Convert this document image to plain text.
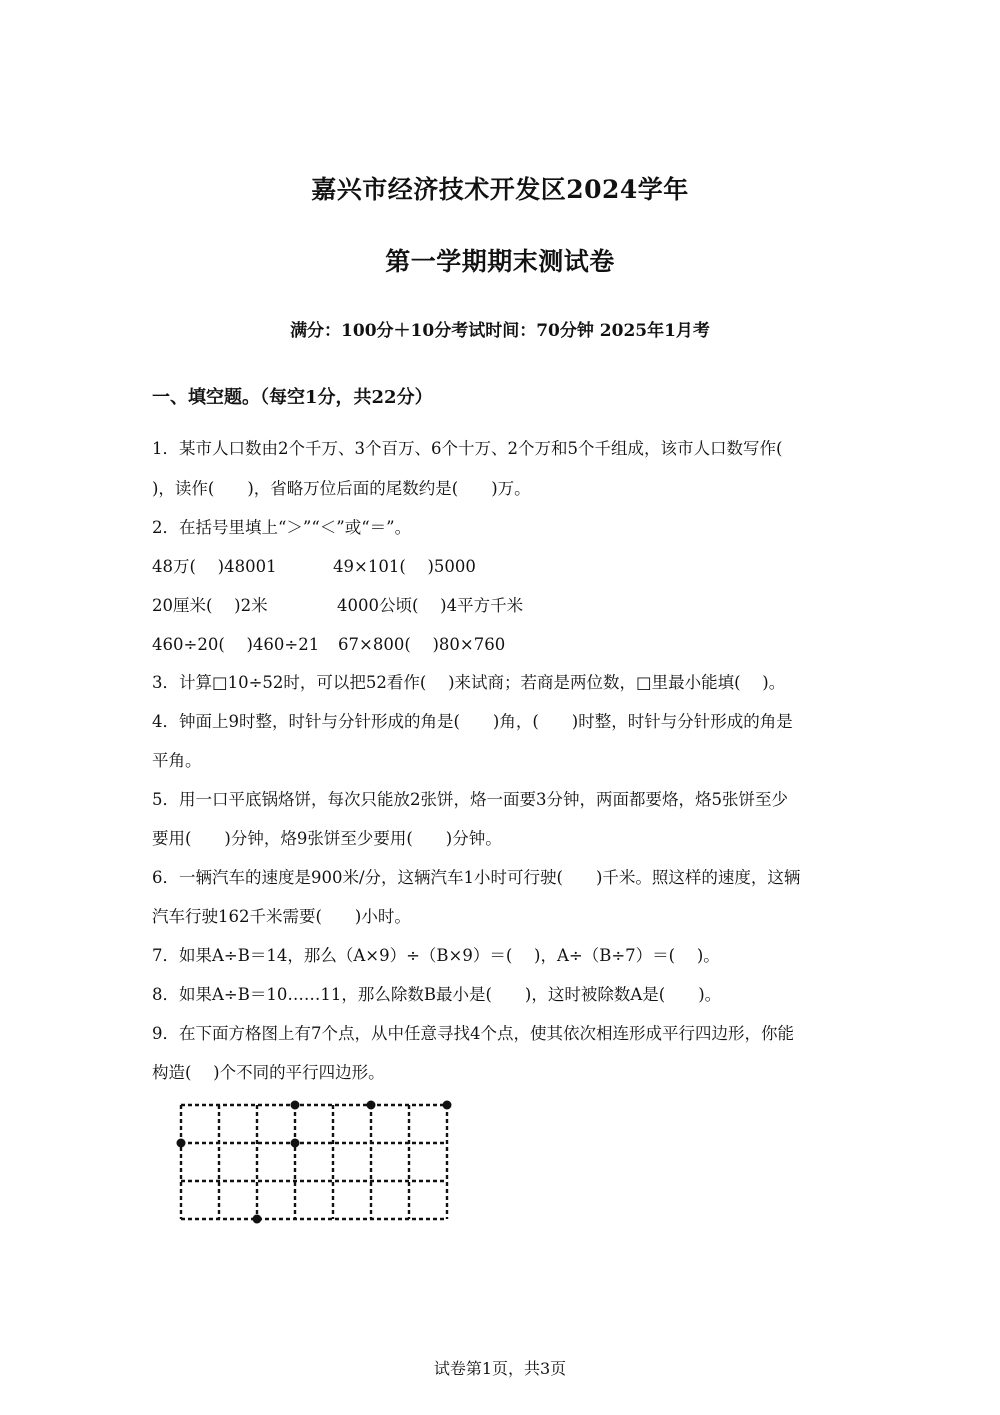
嘉兴市经济技术开发区2024学年
第一学期期末测试卷
满分：100分＋10分考试时间：70分钟 2025年1月考
一、填空题。（每空1分，共22分）
1．某市人口数由2个千万、3个百万、6个十万、2个万和5个千组成，该市人口数写作(
)，读作(　　)，省略万位后面的尾数约是(　　)万。
2．在括号里填上“＞”“＜”或“＝”。
48万(　 )48001	49×101(　 )5000
20厘米(　 )2米	4000公顷(　 )4平方千米
460÷20(　 )460÷21 67×800(　 )80×760
3．计算□10÷52时，可以把52看作(　 )来试商；若商是两位数，□里最小能填(　 )。
4．钟面上9时整，时针与分针形成的角是(　　)角，(　　)时整，时针与分针形成的角是
平角。
5．用一口平底锅烙饼，每次只能放2张饼，烙一面要3分钟，两面都要烙，烙5张饼至少
要用(　　)分钟，烙9张饼至少要用(　　)分钟。
6．一辆汽车的速度是900米/分，这辆汽车1小时可行驶(　　)千米。照这样的速度，这辆
汽车行驶162千米需要(　　)小时。
7．如果A÷B＝14，那么（A×9）÷（B×9）＝(　 )，A÷（B÷7）＝(　 )。
8．如果A÷B＝10……11，那么除数B最小是(　　)，这时被除数A是(　　)。
9．在下面方格图上有7个点，从中任意寻找4个点，使其依次相连形成平行四边形，你能
构造(　 )个不同的平行四边形。
试卷第1页，共3页
